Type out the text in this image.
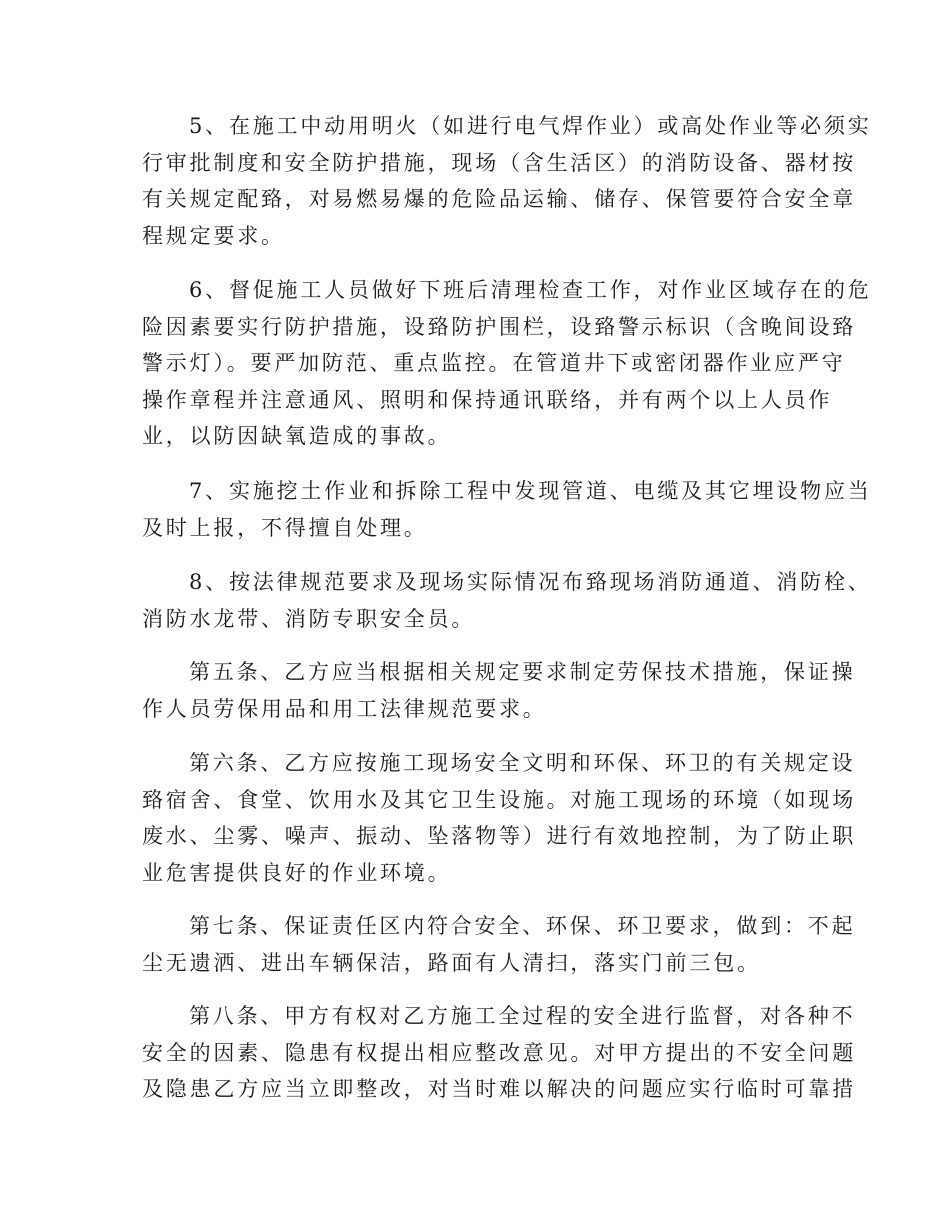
5、在施工中动用明火（如进行电气焊作业）或高处作业等必须实
行审批制度和安全防护措施，现场（含生活区）的消防设备、器材按
有关规定配臵，对易燃易爆的危险品运输、储存、保管要符合安全章
程规定要求。
6、督促施工人员做好下班后清理检查工作，对作业区域存在的危
险因素要实行防护措施，设臵防护围栏，设臵警示标识（含晚间设臵
警示灯）。要严加防范、重点监控。在管道井下或密闭器作业应严守
操作章程并注意通风、照明和保持通讯联络，并有两个以上人员作
业，以防因缺氧造成的事故。
7、实施挖土作业和拆除工程中发现管道、电缆及其它埋设物应当
及时上报，不得擅自处理。
8、按法律规范要求及现场实际情况布臵现场消防通道、消防栓、
消防水龙带、消防专职安全员。
第五条、乙方应当根据相关规定要求制定劳保技术措施，保证操
作人员劳保用品和用工法律规范要求。
第六条、乙方应按施工现场安全文明和环保、环卫的有关规定设
臵宿舍、食堂、饮用水及其它卫生设施。对施工现场的环境（如现场
废水、尘雾、噪声、振动、坠落物等）进行有效地控制，为了防止职
业危害提供良好的作业环境。
第七条、保证责任区内符合安全、环保、环卫要求，做到：不起
尘无遗洒、进出车辆保洁，路面有人清扫，落实门前三包。
第八条、甲方有权对乙方施工全过程的安全进行监督，对各种不
安全的因素、隐患有权提出相应整改意见。对甲方提出的不安全问题
及隐患乙方应当立即整改，对当时难以解决的问题应实行临时可靠措
